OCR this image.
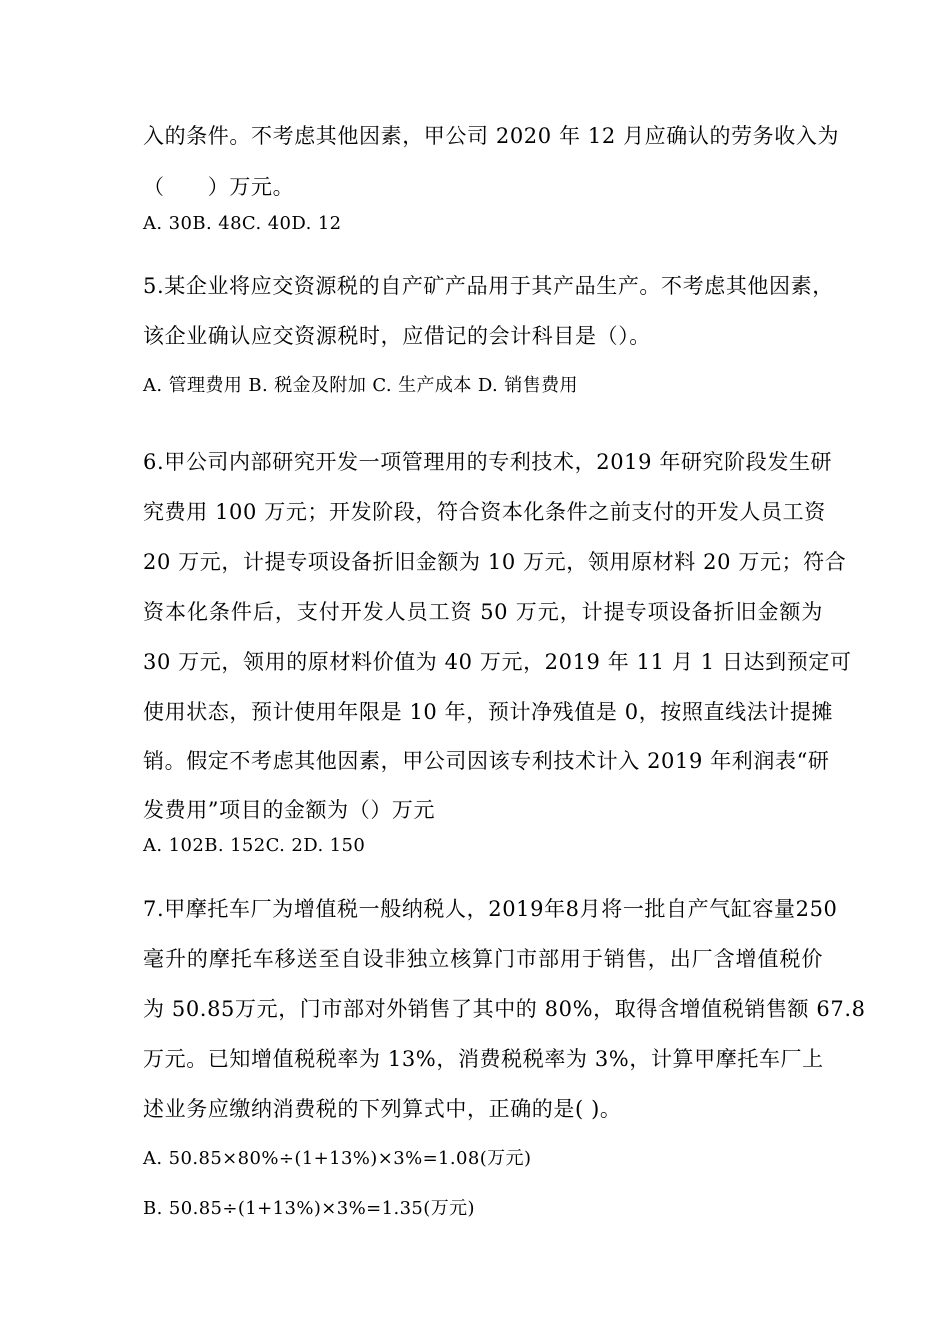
入的条件。不考虑其他因素，甲公司 2020 年 12 月应确认的劳务收入为
（　　）万元。
A. 30B. 48C. 40D. 12
5.某企业将应交资源税的自产矿产品用于其产品生产。不考虑其他因素，
该企业确认应交资源税时，应借记的会计科目是（）。
A. 管理费用 B. 税金及附加 C. 生产成本 D. 销售费用
6.甲公司内部研究开发一项管理用的专利技术，2019 年研究阶段发生研
究费用 100 万元；开发阶段，符合资本化条件之前支付的开发人员工资
20 万元，计提专项设备折旧金额为 10 万元，领用原材料 20 万元；符合
资本化条件后，支付开发人员工资 50 万元，计提专项设备折旧金额为
30 万元，领用的原材料价值为 40 万元，2019 年 11 月 1 日达到预定可
使用状态，预计使用年限是 10 年，预计净残值是 0，按照直线法计提摊
销。假定不考虑其他因素，甲公司因该专利技术计入 2019 年利润表“研
发费用”项目的金额为（）万元
A. 102B. 152C. 2D. 150
7.甲摩托车厂为增值税一般纳税人，2019年8月将一批自产气缸容量250
毫升的摩托车移送至自设非独立核算门市部用于销售，出厂含增值税价
为 50.85万元，门市部对外销售了其中的 80%，取得含增值税销售额 67.8
万元。已知增值税税率为 13%，消费税税率为 3%，计算甲摩托车厂上
述业务应缴纳消费税的下列算式中，正确的是( )。
A. 50.85×80%÷(1+13%)×3%=1.08(万元)
B. 50.85÷(1+13%)×3%=1.35(万元)
